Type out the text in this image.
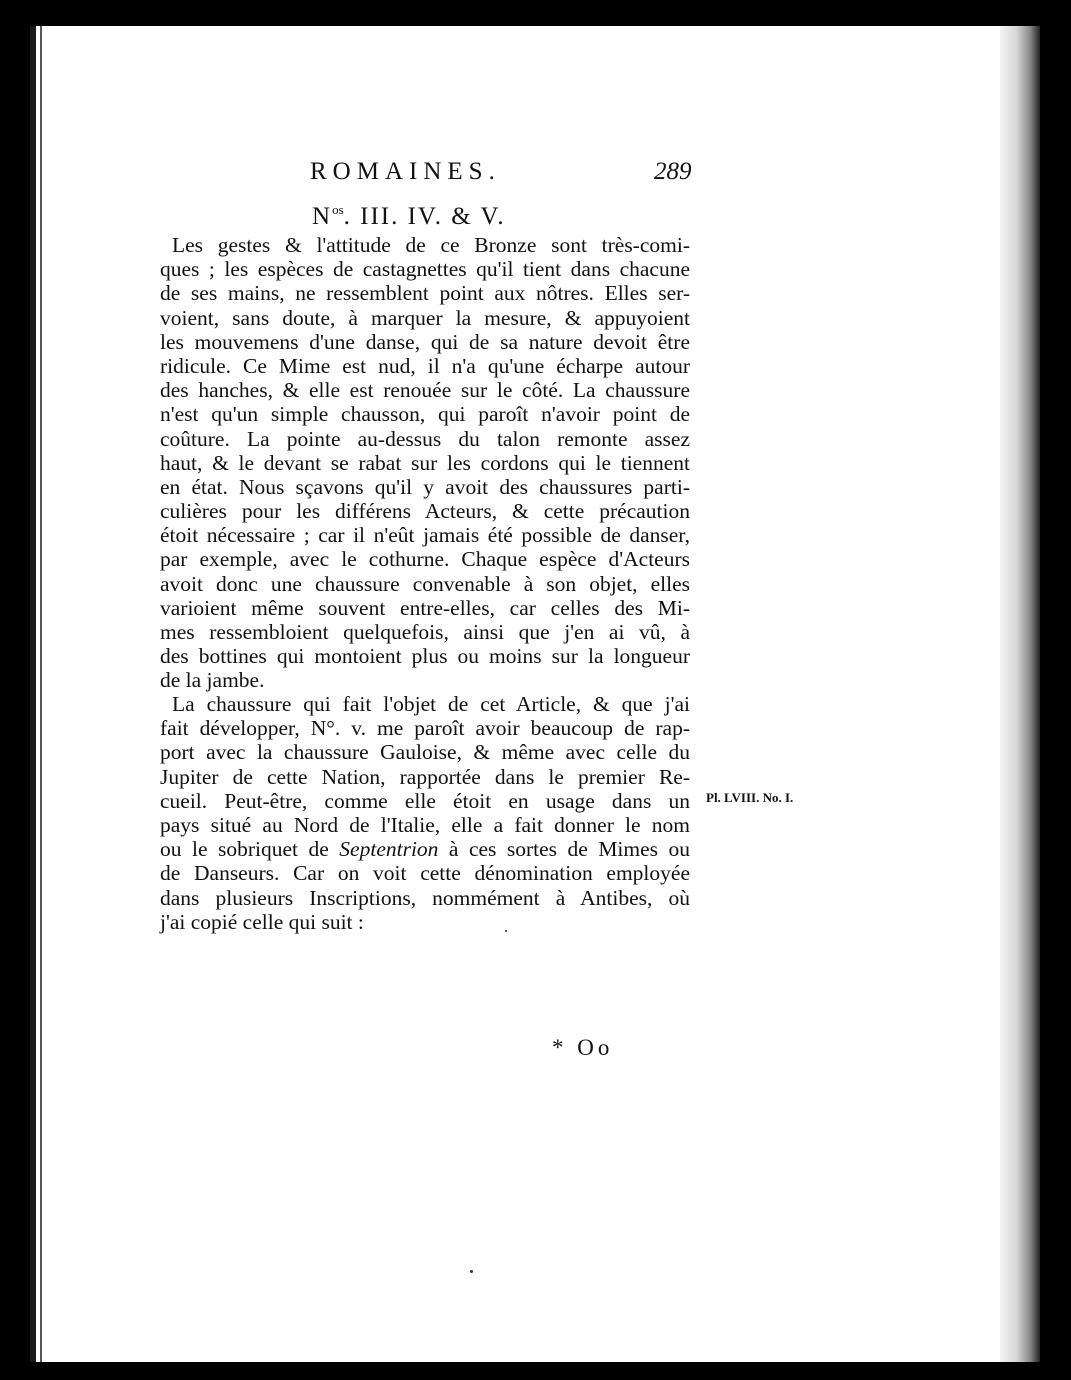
ROMAINES.	289
$N^{os}$. III. IV. & V.
Les gestes & l'attitude de ce Bronze sont très-comi-
ques ; les espèces de castagnettes qu'il tient dans chacune
de ses mains, ne ressemblent point aux nôtres. Elles ser-
voient, sans doute, à marquer la mesure, & appuyoient
les mouvemens d'une danse, qui de sa nature devoit être
ridicule. Ce Mime est nud, il n'a qu'une écharpe autour
des hanches, & elle est renouée sur le côté. La chaussure
n'est qu'un simple chausson, qui paroît n'avoir point de
coûture. La pointe au-dessus du talon remonte assez
haut, & le devant se rabat sur les cordons qui le tiennent
en état. Nous sçavons qu'il y avoit des chaussures parti-
culières pour les différens Acteurs, & cette précaution
étoit nécessaire ; car il n'eût jamais été possible de danser,
par exemple, avec le cothurne. Chaque espèce d'Acteurs
avoit donc une chaussure convenable à son objet, elles
varioient même souvent entre-elles, car celles des Mi-
mes ressembloient quelquefois, ainsi que j'en ai vû, à
des bottines qui montoient plus ou moins sur la longueur
de la jambe.
La chaussure qui fait l'objet de cet Article, & que j'ai
fait développer, N°. v. me paroît avoir beaucoup de rap-
port avec la chaussure Gauloise, & même avec celle du
Jupiter de cette Nation, rapportée dans le premier Re-
cueil. Peut-être, comme elle étoit en usage dans un
pays situé au Nord de l'Italie, elle a fait donner le nom
ou le sobriquet de Septentrion à ces sortes de Mimes ou
de Danseurs. Car on voit cette dénomination employée
dans plusieurs Inscriptions, nommément à Antibes, où
j'ai copié celle qui suit :
Pl. LVIII. No. I.
* Oo
